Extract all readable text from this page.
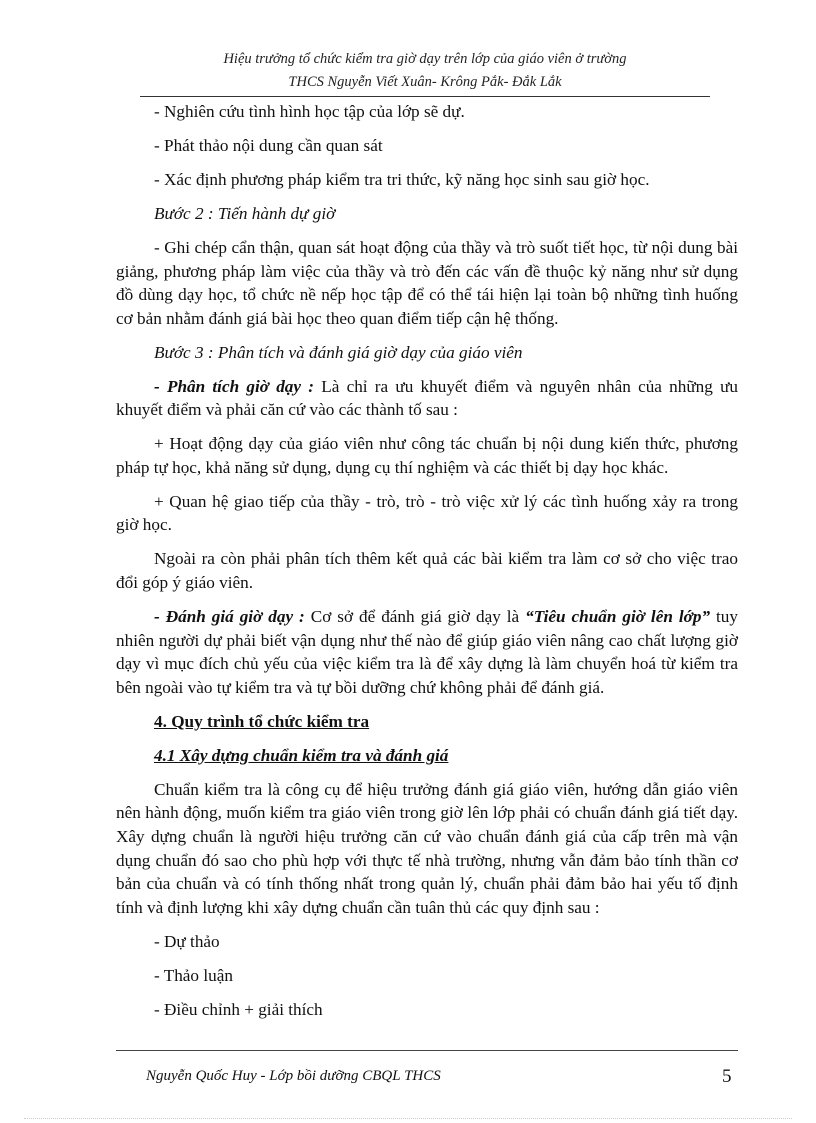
Hiệu trưởng tổ chức kiểm tra giờ dạy trên lớp của giáo viên ở trường
THCS Nguyễn Viết Xuân- Krông Pắk- Đắk Lắk

- Nghiên cứu tình hình học tập của lớp sẽ dự.

- Phát thảo nội dung cần quan sát

- Xác định phương pháp kiểm tra tri thức, kỹ năng học sinh sau giờ học.

Bước 2 : Tiến hành dự giờ

- Ghi chép cẩn thận, quan sát hoạt động của thầy và trò suốt tiết học, từ nội dung bài giảng, phương pháp làm việc của thầy và trò đến các vấn đề thuộc kỷ năng như sử dụng đồ dùng dạy học, tổ chức nề nếp học tập để có thể tái hiện lại toàn bộ những tình huống cơ bản nhằm đánh giá bài học theo quan điểm tiếp cận hệ thống.

Bước 3 : Phân tích và đánh giá giờ dạy của giáo viên

- Phân tích giờ dạy : Là chỉ ra ưu khuyết điểm và nguyên nhân của những ưu khuyết điểm và phải căn cứ vào các thành tố sau :

+ Hoạt động dạy của giáo viên như công tác chuẩn bị nội dung kiến thức, phương pháp tự học, khả năng sử dụng, dụng cụ thí nghiệm và các thiết bị dạy học khác.

+ Quan hệ giao tiếp của thầy - trò, trò - trò việc xử lý các tình huống xảy ra trong giờ học.

Ngoài ra còn phải phân tích thêm kết quả các bài kiểm tra làm cơ sở cho việc trao đổi góp ý giáo viên.

- Đánh giá giờ dạy : Cơ sở để đánh giá giờ dạy là “Tiêu chuẩn giờ lên lớp” tuy nhiên người dự phải biết vận dụng như thế nào để giúp giáo viên nâng cao chất lượng giờ dạy vì mục đích chủ yếu của việc kiểm tra là để xây dựng là làm chuyển hoá từ kiểm tra bên ngoài vào tự kiểm tra và tự bồi dưỡng chứ không phải để đánh giá.

4. Quy trình tổ chức kiểm tra

4.1 Xây dựng chuẩn kiểm tra và đánh giá

Chuẩn kiểm tra là công cụ để hiệu trưởng đánh giá giáo viên, hướng dẫn giáo viên nên hành động, muốn kiểm tra giáo viên trong giờ lên lớp phải có chuẩn đánh giá tiết dạy. Xây dựng chuẩn là người hiệu trưởng căn cứ vào chuẩn đánh giá của cấp trên mà vận dụng chuẩn đó sao cho phù hợp với thực tế nhà trường, nhưng vẫn đảm bảo tính thần cơ bản của chuẩn và có tính thống nhất trong quản lý, chuẩn phải đảm bảo hai yếu tố định tính và định lượng khi xây dựng chuẩn cần tuân thủ các quy định sau :

- Dự thảo

- Thảo luận

- Điều chỉnh + giải thích

Nguyễn Quốc Huy - Lớp bồi dưỡng CBQL THCS	5
